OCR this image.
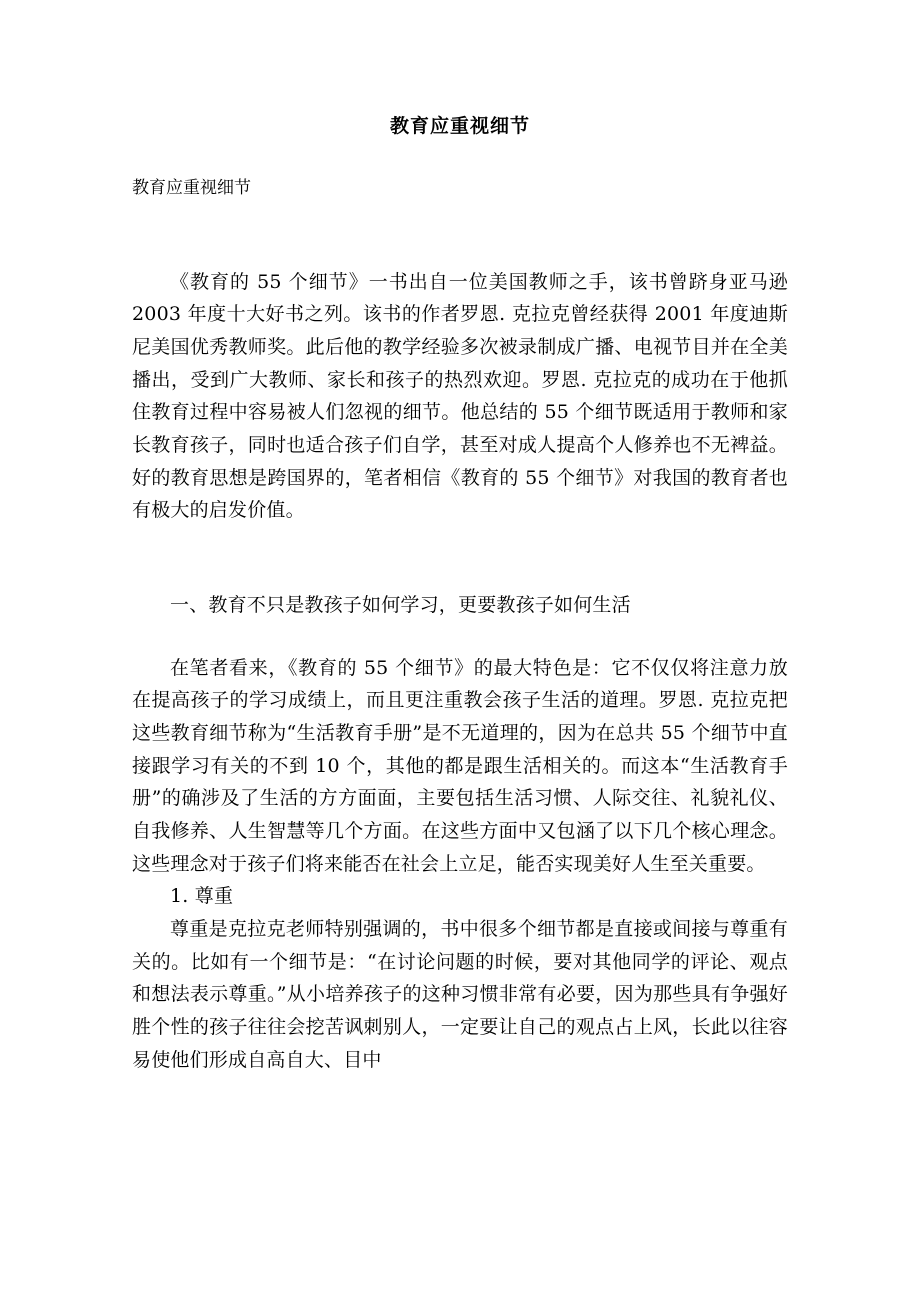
教育应重视细节
教育应重视细节

《教育的 55 个细节》一书出自一位美国教师之手，该书曾跻身亚马逊 2003 年度十大好书之列。该书的作者罗恩. 克拉克曾经获得 2001 年度迪斯尼美国优秀教师奖。此后他的教学经验多次被录制成广播、电视节目并在全美播出，受到广大教师、家长和孩子的热烈欢迎。罗恩. 克拉克的成功在于他抓住教育过程中容易被人们忽视的细节。他总结的 55 个细节既适用于教师和家长教育孩子，同时也适合孩子们自学，甚至对成人提高个人修养也不无裨益。好的教育思想是跨国界的，笔者相信《教育的 55 个细节》对我国的教育者也有极大的启发价值。

一、教育不只是教孩子如何学习，更要教孩子如何生活

在笔者看来，《教育的 55 个细节》的最大特色是：它不仅仅将注意力放在提高孩子的学习成绩上，而且更注重教会孩子生活的道理。罗恩. 克拉克把这些教育细节称为“生活教育手册”是不无道理的，因为在总共 55 个细节中直接跟学习有关的不到 10 个，其他的都是跟生活相关的。而这本“生活教育手册”的确涉及了生活的方方面面，主要包括生活习惯、人际交往、礼貌礼仪、自我修养、人生智慧等几个方面。在这些方面中又包涵了以下几个核心理念。这些理念对于孩子们将来能否在社会上立足，能否实现美好人生至关重要。

1. 尊重

尊重是克拉克老师特别强调的，书中很多个细节都是直接或间接与尊重有关的。比如有一个细节是：“在讨论问题的时候，要对其他同学的评论、观点和想法表示尊重。”从小培养孩子的这种习惯非常有必要，因为那些具有争强好胜个性的孩子往往会挖苦讽刺别人，一定要让自己的观点占上风，长此以往容易使他们形成自高自大、目中
